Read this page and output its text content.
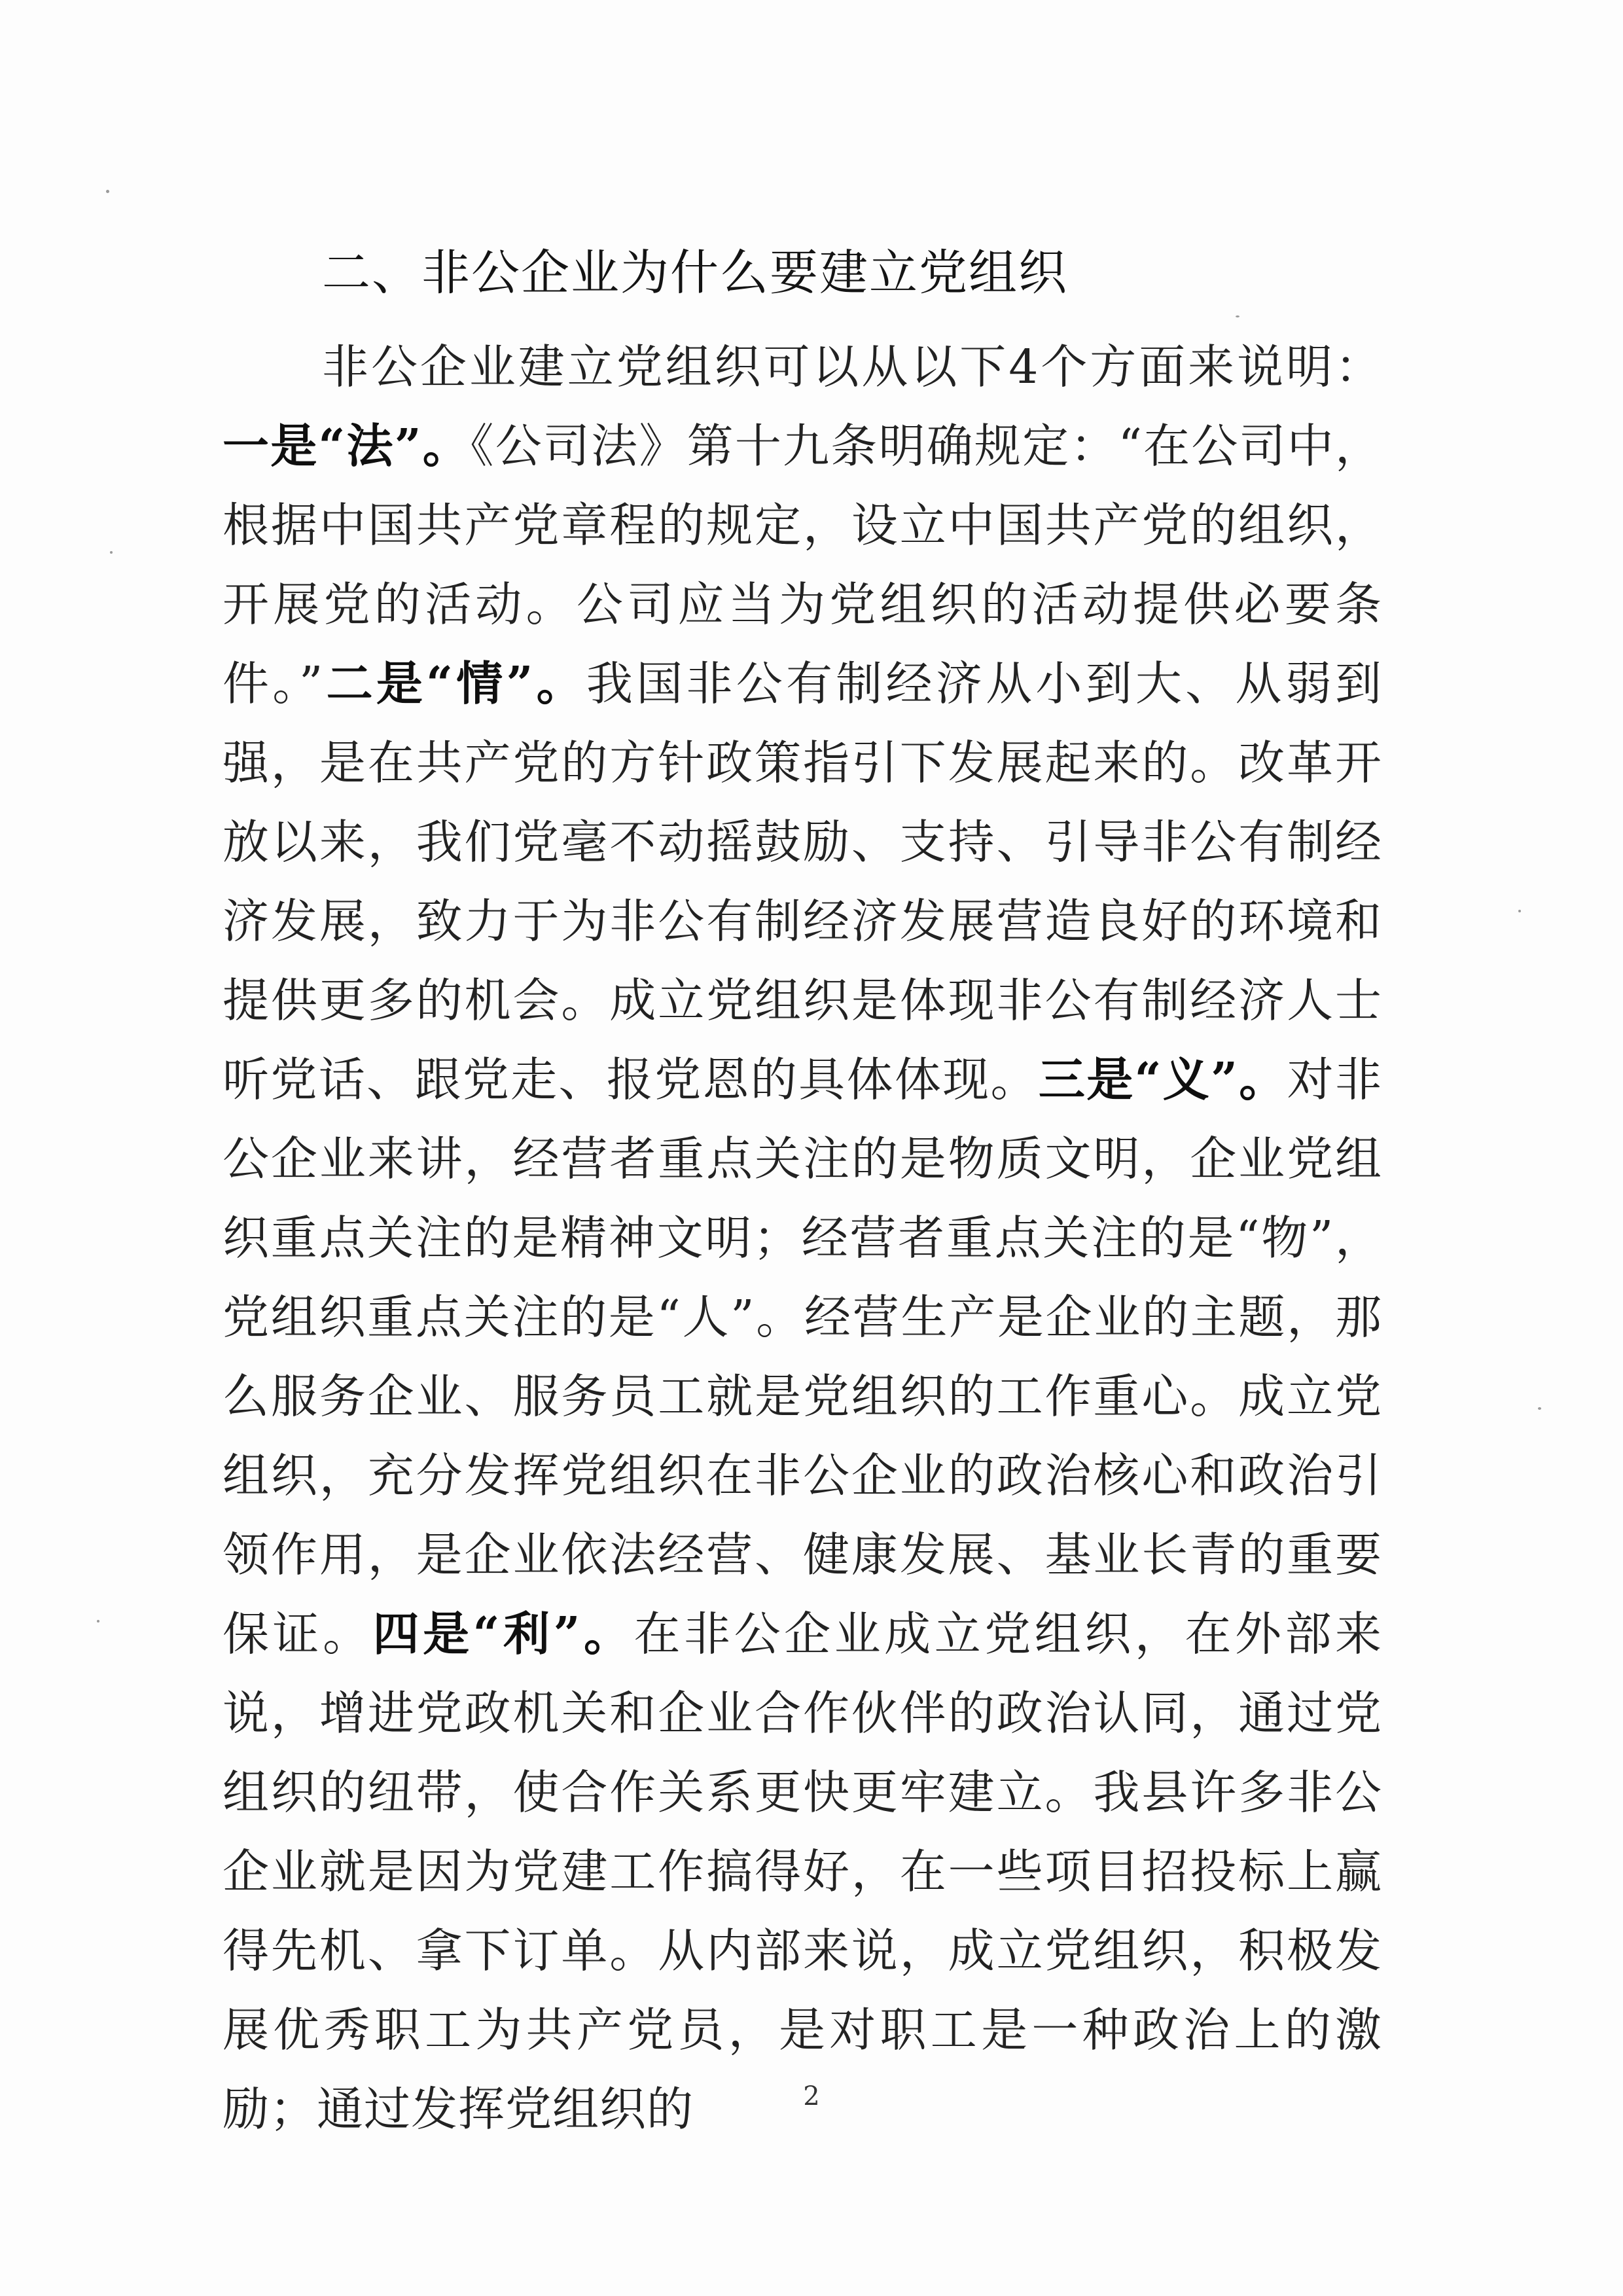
二、非公企业为什么要建立党组织

非公企业建立党组织可以从以下4个方面来说明：一是“法”。《公司法》第十九条明确规定：“在公司中，根据中国共产党章程的规定，设立中国共产党的组织，开展党的活动。公司应当为党组织的活动提供必要条件。”二是“情”。我国非公有制经济从小到大、从弱到强，是在共产党的方针政策指引下发展起来的。改革开放以来，我们党毫不动摇鼓励、支持、引导非公有制经济发展，致力于为非公有制经济发展营造良好的环境和提供更多的机会。成立党组织是体现非公有制经济人士听党话、跟党走、报党恩的具体体现。三是“义”。对非公企业来讲，经营者重点关注的是物质文明，企业党组织重点关注的是精神文明；经营者重点关注的是“物”，党组织重点关注的是“人”。经营生产是企业的主题，那么服务企业、服务员工就是党组织的工作重心。成立党组织，充分发挥党组织在非公企业的政治核心和政治引领作用，是企业依法经营、健康发展、基业长青的重要保证。四是“利”。在非公企业成立党组织，在外部来说，增进党政机关和企业合作伙伴的政治认同，通过党组织的纽带，使合作关系更快更牢建立。我县许多非公企业就是因为党建工作搞得好，在一些项目招投标上赢得先机、拿下订单。从内部来说，成立党组织，积极发展优秀职工为共产党员，是对职工是一种政治上的激励；通过发挥党组织的	2
